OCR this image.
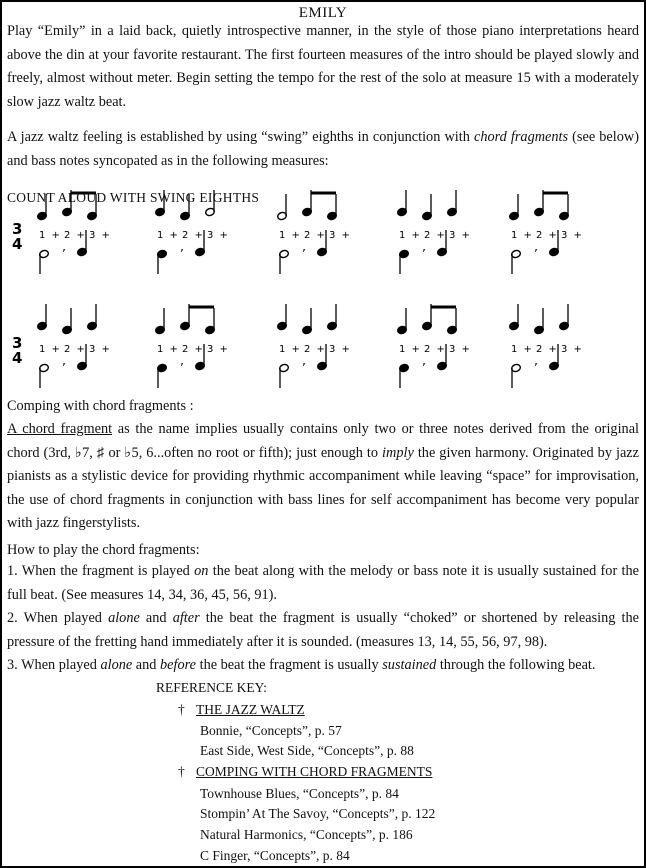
EMILY

Play “Emily” in a laid back, quietly introspective manner, in the style of those piano interpretations heard above the din at your favorite restaurant. The first fourteen measures of the intro should be played slowly and freely, almost without meter. Begin setting the tempo for the rest of the solo at measure 15 with a moderately slow jazz waltz beat.

A jazz waltz feeling is established by using “swing” eighths in conjunction with chord fragments (see below) and bass notes syncopated as in the following measures:

COUNT ALOUD WITH SWING EIGHTHS
3
4 1 + 2 + 3 +
’
1 + 2 + 3 +
’
1 + 2 + 3 +
’
1 + 2 + 3 +
’
1 + 2 + 3 +
’
3
4 1 + 2 + 3 +
’
1 + 2 + 3 +
’
1 + 2 + 3 +
’
1 + 2 + 3 +
’
1 + 2 + 3 +
’
Comping with chord fragments :

A chord fragment as the name implies usually contains only two or three notes derived from the original chord (3rd, ♭7, ♯ or ♭5, 6...often no root or fifth); just enough to imply the given harmony. Originated by jazz pianists as a stylistic device for providing rhythmic accompaniment while leaving “space” for improvisation, the use of chord fragments in conjunction with bass lines for self accompaniment has become very popular with jazz fingerstylists.

How to play the chord fragments:

1. When the fragment is played on the beat along with the melody or bass note it is usually sustained for the full beat. (See measures 14, 34, 36, 45, 56, 91).

2. When played alone and after the beat the fragment is usually “choked” or shortened by releasing the pressure of the fretting hand immediately after it is sounded. (measures 13, 14, 55, 56, 97, 98).

3. When played alone and before the beat the fragment is usually sustained through the following beat.

REFERENCE KEY:
† THE JAZZ WALTZ
Bonnie, “Concepts”, p. 57
East Side, West Side, “Concepts”, p. 88
† COMPING WITH CHORD FRAGMENTS
Townhouse Blues, “Concepts”, p. 84
Stompin’ At The Savoy, “Concepts”, p. 122
Natural Harmonics, “Concepts”, p. 186
C Finger, “Concepts”, p. 84
